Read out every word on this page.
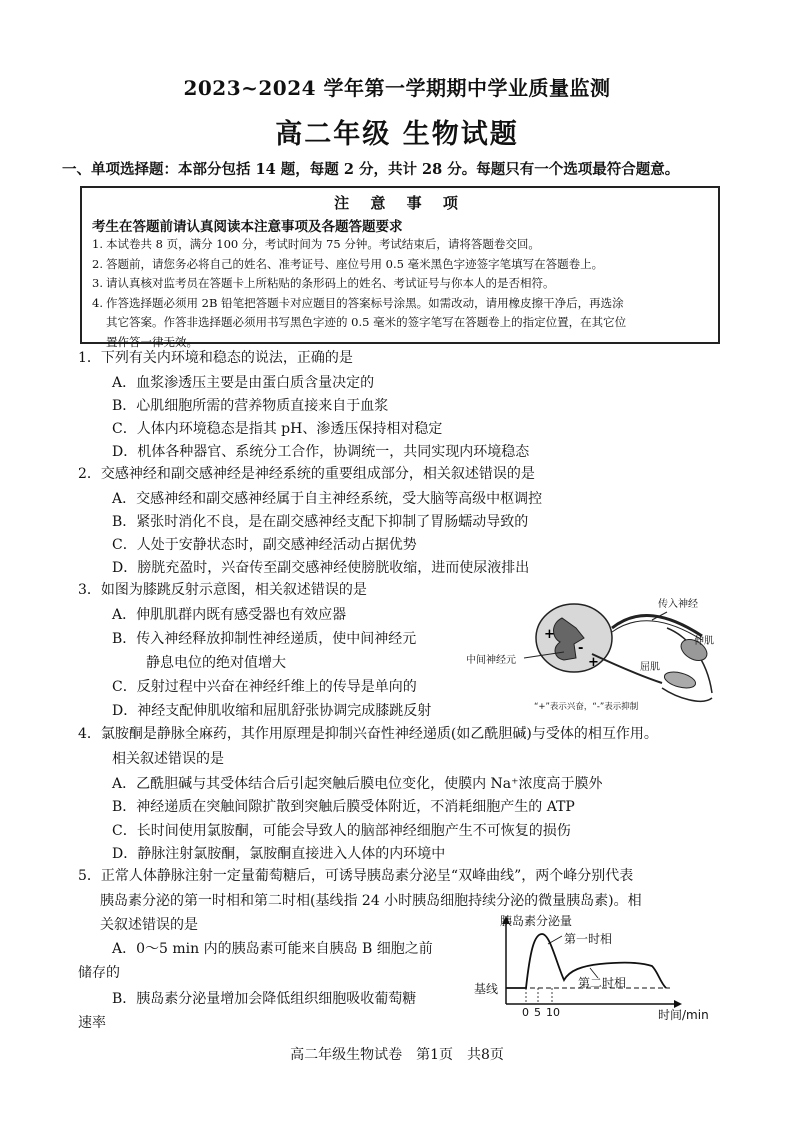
2023~2024 学年第一学期期中学业质量监测
高二年级 生物试题
一、单项选择题：本部分包括 14 题，每题 2 分，共计 28 分。每题只有一个选项最符合题意。
注 意 事 项
考生在答题前请认真阅读本注意事项及各题答题要求
1. 本试卷共 8 页，满分 100 分，考试时间为 75 分钟。考试结束后，请将答题卷交回。
2. 答题前，请您务必将自己的姓名、准考证号、座位号用 0.5 毫米黑色字迹签字笔填写在答题卷上。
3. 请认真核对监考员在答题卡上所粘贴的条形码上的姓名、考试证号与你本人的是否相符。
4. 作答选择题必须用 2B 铅笔把答题卡对应题目的答案标号涂黑。如需改动，请用橡皮擦干净后，再选涂
其它答案。作答非选择题必须用书写黑色字迹的 0.5 毫米的签字笔写在答题卷上的指定位置，在其它位
置作答一律无效。
1．下列有关内环境和稳态的说法，正确的是
A．血浆渗透压主要是由蛋白质含量决定的
B．心肌细胞所需的营养物质直接来自于血浆
C．人体内环境稳态是指其 pH、渗透压保持相对稳定
D．机体各种器官、系统分工合作，协调统一，共同实现内环境稳态
2．交感神经和副交感神经是神经系统的重要组成部分，相关叙述错误的是
A．交感神经和副交感神经属于自主神经系统，受大脑等高级中枢调控
B．紧张时消化不良，是在副交感神经支配下抑制了胃肠蠕动导致的
C．人处于安静状态时，副交感神经活动占据优势
D．膀胱充盈时，兴奋传至副交感神经使膀胱收缩，进而使尿液排出
3．如图为膝跳反射示意图，相关叙述错误的是
A．伸肌肌群内既有感受器也有效应器
B．传入神经释放抑制性神经递质，使中间神经元
静息电位的绝对值增大
C．反射过程中兴奋在神经纤维上的传导是单向的
D．神经支配伸肌收缩和屈肌舒张协调完成膝跳反射
+
+
-
传入神经
中间神经元
伸肌
屈肌
“+”表示兴奋，“-”表示抑制
4．氯胺酮是静脉全麻药，其作用原理是抑制兴奋性神经递质(如乙酰胆碱)与受体的相互作用。
相关叙述错误的是
A．乙酰胆碱与其受体结合后引起突触后膜电位变化，使膜内 Na⁺浓度高于膜外
B．神经递质在突触间隙扩散到突触后膜受体附近，不消耗细胞产生的 ATP
C．长时间使用氯胺酮，可能会导致人的脑部神经细胞产生不可恢复的损伤
D．静脉注射氯胺酮，氯胺酮直接进入人体的内环境中
5．正常人体静脉注射一定量葡萄糖后，可诱导胰岛素分泌呈“双峰曲线”，两个峰分别代表
胰岛素分泌的第一时相和第二时相(基线指 24 小时胰岛细胞持续分泌的微量胰岛素)。相
关叙述错误的是
A．0～5 min 内的胰岛素可能来自胰岛 B 细胞之前
储存的
B．胰岛素分泌量增加会降低组织细胞吸收葡萄糖
速率
胰岛素分泌量
第一时相
第二时相
基线
0 5 10	时间/min
高二年级生物试卷　第1页　共8页
